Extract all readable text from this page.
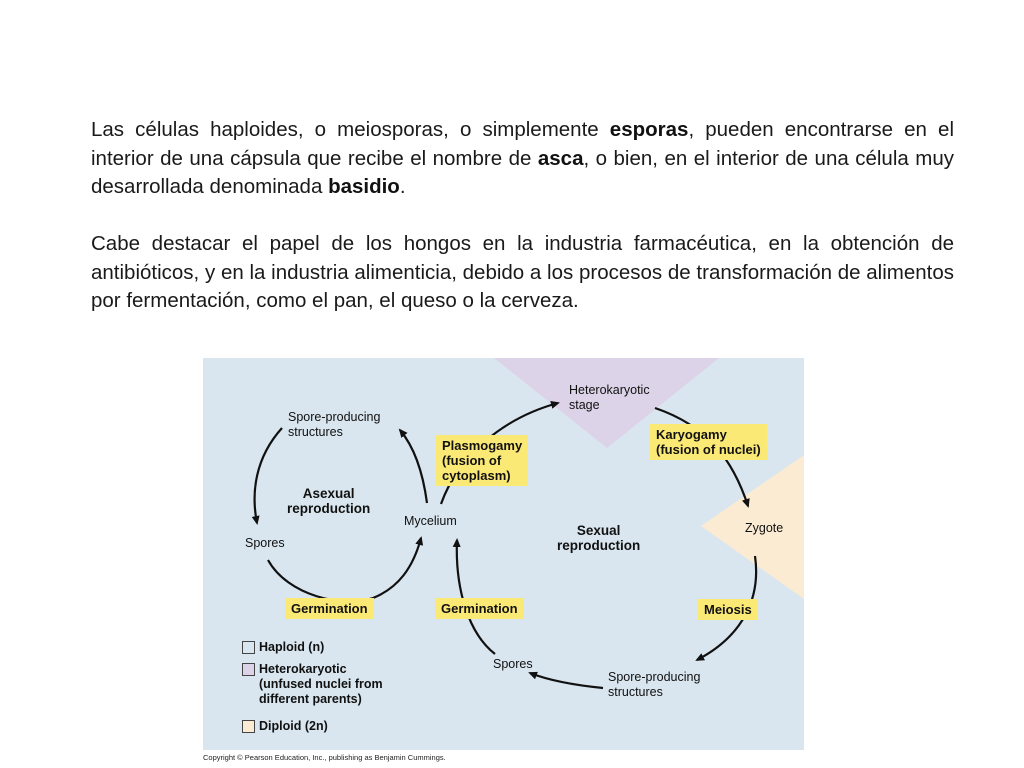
Las células haploides, o meiosporas, o simplemente esporas, pueden encontrarse en el interior de una cápsula que recibe el nombre de asca, o bien, en el interior de una célula muy desarrollada denominada basidio.

Cabe destacar el papel de los hongos en la industria farmacéutica, en la obtención de antibióticos, y en la industria alimenticia, debido a los procesos de transformación de alimentos por fermentación, como el pan, el queso o la cerveza.

Spore-producing
structures
Asexual
reproduction
Spores
Mycelium
Heterokaryotic
stage
Sexual
reproduction
Zygote
Spores
Spore-producing
structures
Plasmogamy
(fusion of
cytoplasm)
Karyogamy
(fusion of nuclei)
Germination	Germination	Meiosis
Haploid (n)
Heterokaryotic
(unfused nuclei from
different parents)
Diploid (2n)
Copyright © Pearson Education, Inc., publishing as Benjamin Cummings.
